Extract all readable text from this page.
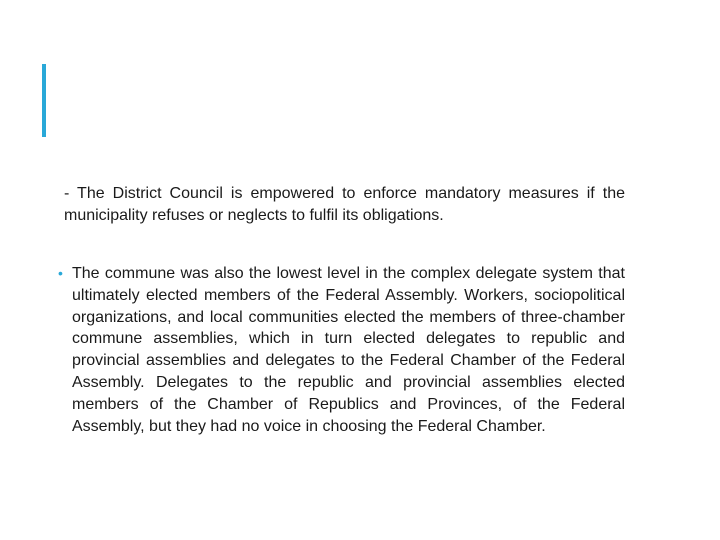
- The District Council is empowered to enforce mandatory measures if the municipality refuses or neglects to fulfil its obligations.

• The commune was also the lowest level in the complex delegate system that ultimately elected members of the Federal Assembly. Workers, sociopolitical organizations, and local communities elected the members of three-chamber commune assemblies, which in turn elected delegates to republic and provincial assemblies and delegates to the Federal Chamber of the Federal Assembly. Delegates to the republic and provincial assemblies elected members of the Chamber of Republics and Provinces, of the Federal Assembly, but they had no voice in choosing the Federal Chamber.
